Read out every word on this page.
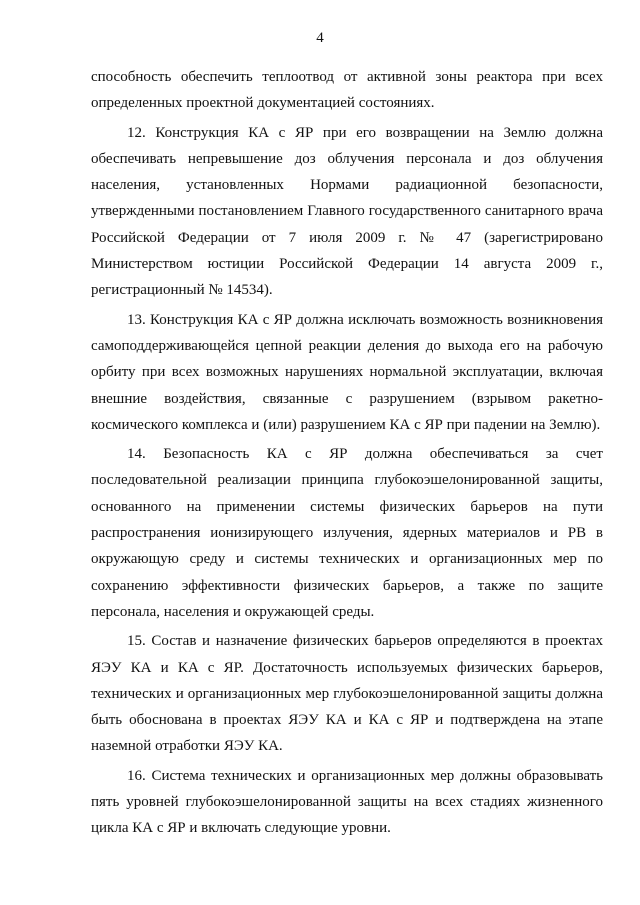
4

способность обеспечить теплоотвод от активной зоны реактора при всех определенных проектной документацией состояниях.

12. Конструкция КА с ЯР при его возвращении на Землю должна обеспечивать непревышение доз облучения персонала и доз облучения населения, установленных Нормами радиационной безопасности, утвержденными постановлением Главного государственного санитарного врача Российской Федерации от 7 июля 2009 г. № 47 (зарегистрировано Министерством юстиции Российской Федерации 14 августа 2009 г., регистрационный № 14534).

13. Конструкция КА с ЯР должна исключать возможность возникновения самоподдерживающейся цепной реакции деления до выхода его на рабочую орбиту при всех возможных нарушениях нормальной эксплуатации, включая внешние воздействия, связанные с разрушением (взрывом ракетно-космического комплекса и (или) разрушением КА с ЯР при падении на Землю).

14. Безопасность КА с ЯР должна обеспечиваться за счет последовательной реализации принципа глубокоэшелонированной защиты, основанного на применении системы физических барьеров на пути распространения ионизирующего излучения, ядерных материалов и РВ в окружающую среду и системы технических и организационных мер по сохранению эффективности физических барьеров, а также по защите персонала, населения и окружающей среды.

15. Состав и назначение физических барьеров определяются в проектах ЯЭУ КА и КА с ЯР. Достаточность используемых физических барьеров, технических и организационных мер глубокоэшелонированной защиты должна быть обоснована в проектах ЯЭУ КА и КА с ЯР и подтверждена на этапе наземной отработки ЯЭУ КА.

16. Система технических и организационных мер должны образовывать пять уровней глубокоэшелонированной защиты на всех стадиях жизненного цикла КА с ЯР и включать следующие уровни.
